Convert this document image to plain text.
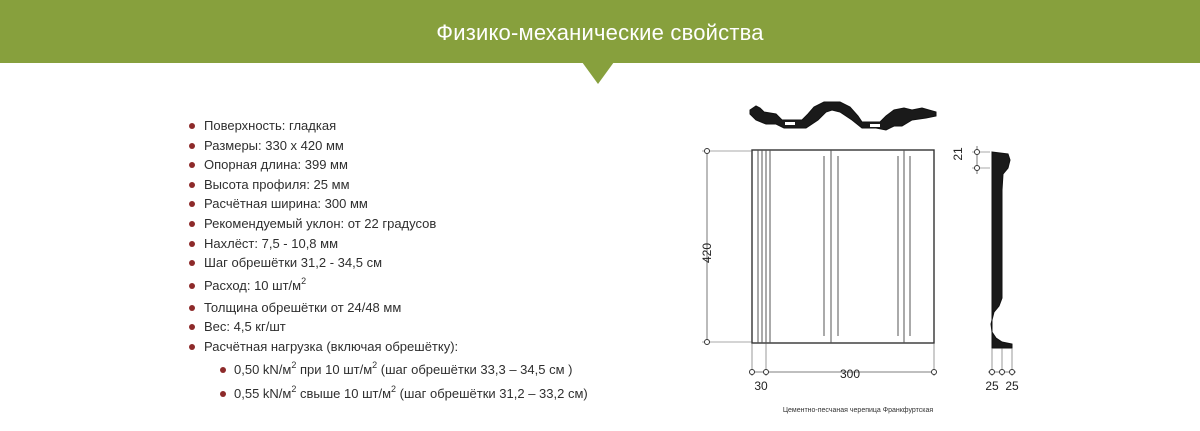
Физико-механические свойства
Поверхность: гладкая
Размеры: 330 х 420 мм
Опорная длина: 399 мм
Высота профиля: 25 мм
Расчётная ширина: 300 мм
Рекомендуемый уклон: от 22 градусов
Нахлёст: 7,5 - 10,8 мм
Шаг обрешётки 31,2 - 34,5 см
Расход: 10 $шт/м^2$
Толщина обрешётки от 24/48 мм
Вес: 4,5 кг/шт
Расчётная нагрузка (включая обрешётку):
0,50 $kN/м^2$ при 10 $шт/м^2$ (шаг обрешётки 33,3 – 34,5 см )
0,55 $kN/м^2$ свыше 10 $шт/м^2$ (шаг обрешётки 31,2 – 33,2 см)
420
300
30
21
25 25
Цементно-песчаная черепица Франкфуртская
